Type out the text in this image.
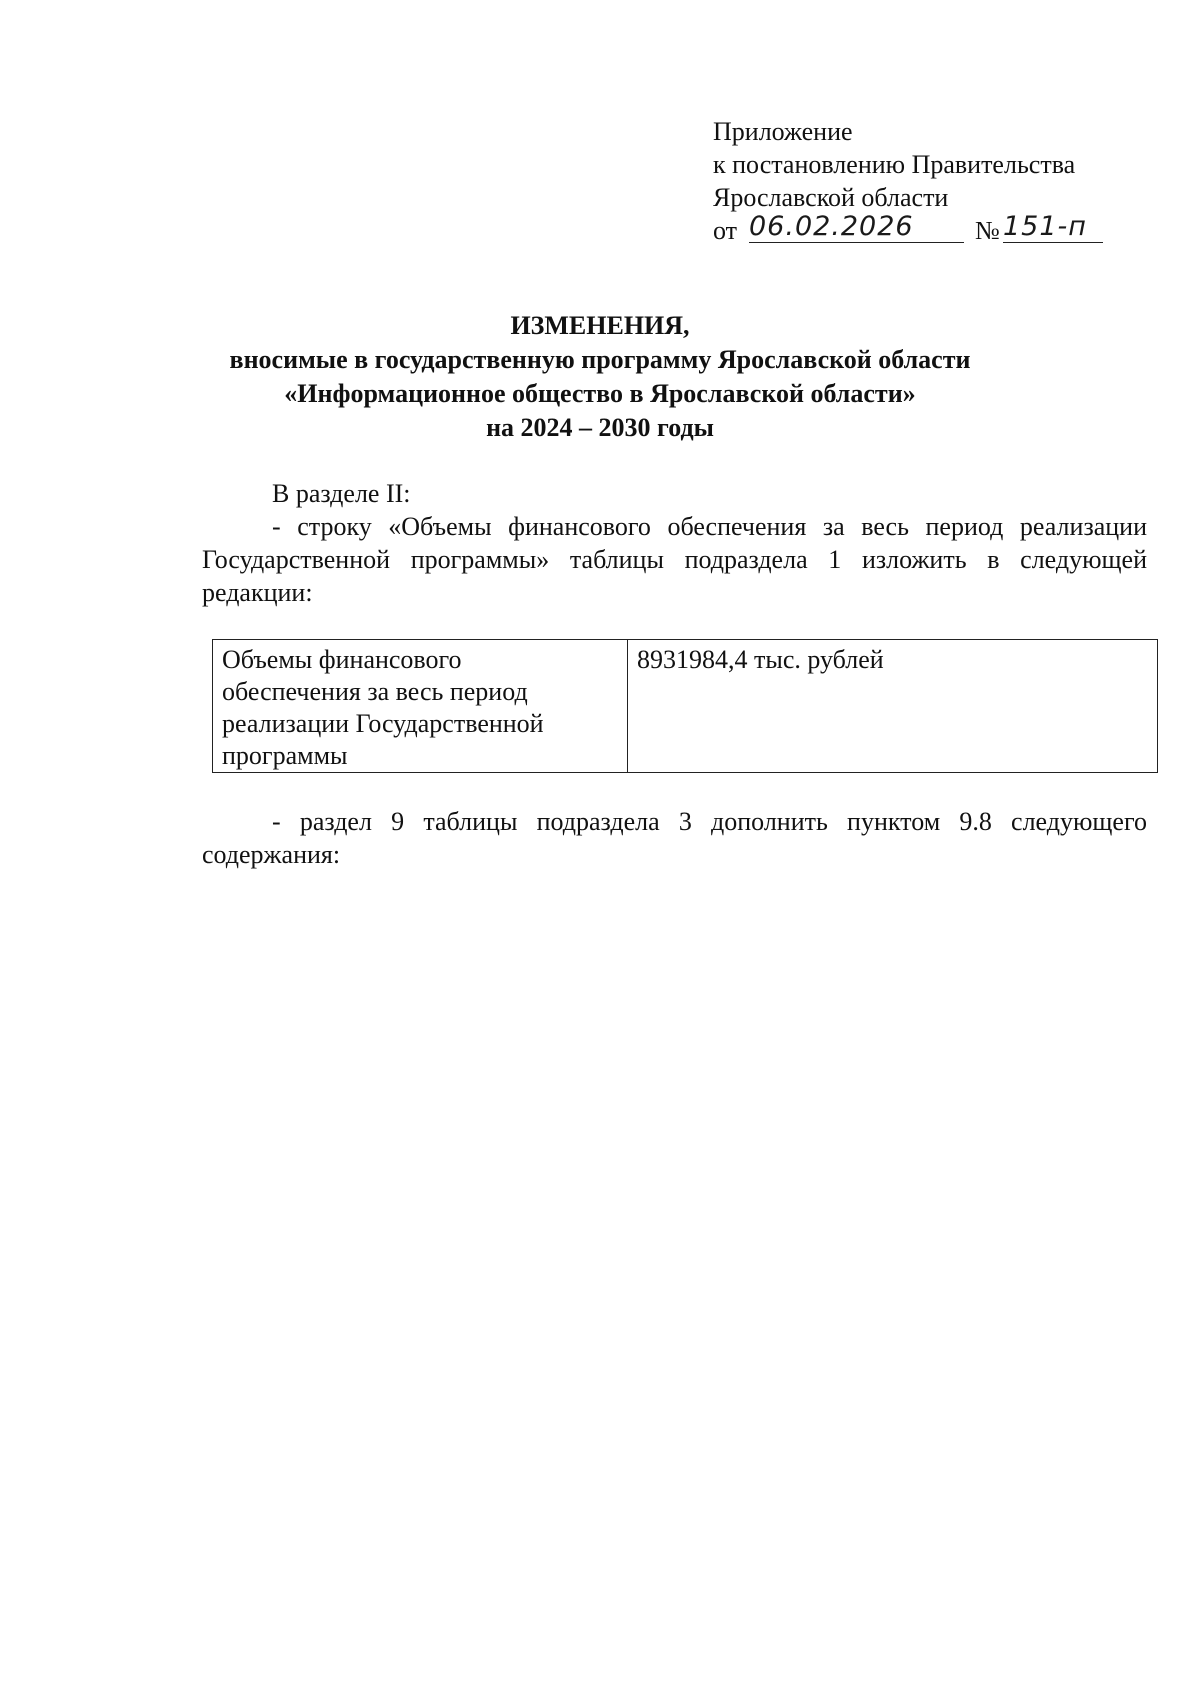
Приложение
к постановлению Правительства
Ярославской области
от 06.02.2026	№ 151-п
ИЗМЕНЕНИЯ,
вносимые в государственную программу Ярославской области
«Информационное общество в Ярославской области»
на 2024 – 2030 годы
В разделе II:
- строку «Объемы финансового обеспечения за весь период реализации Государственной программы» таблицы подраздела 1 изложить в следующей редакции:
Объемы финансового
обеспечения за весь период
реализации Государственной
программы
	8931984,4 тыс. рублей
- раздел 9 таблицы подраздела 3 дополнить пунктом 9.8 следующего содержания:
